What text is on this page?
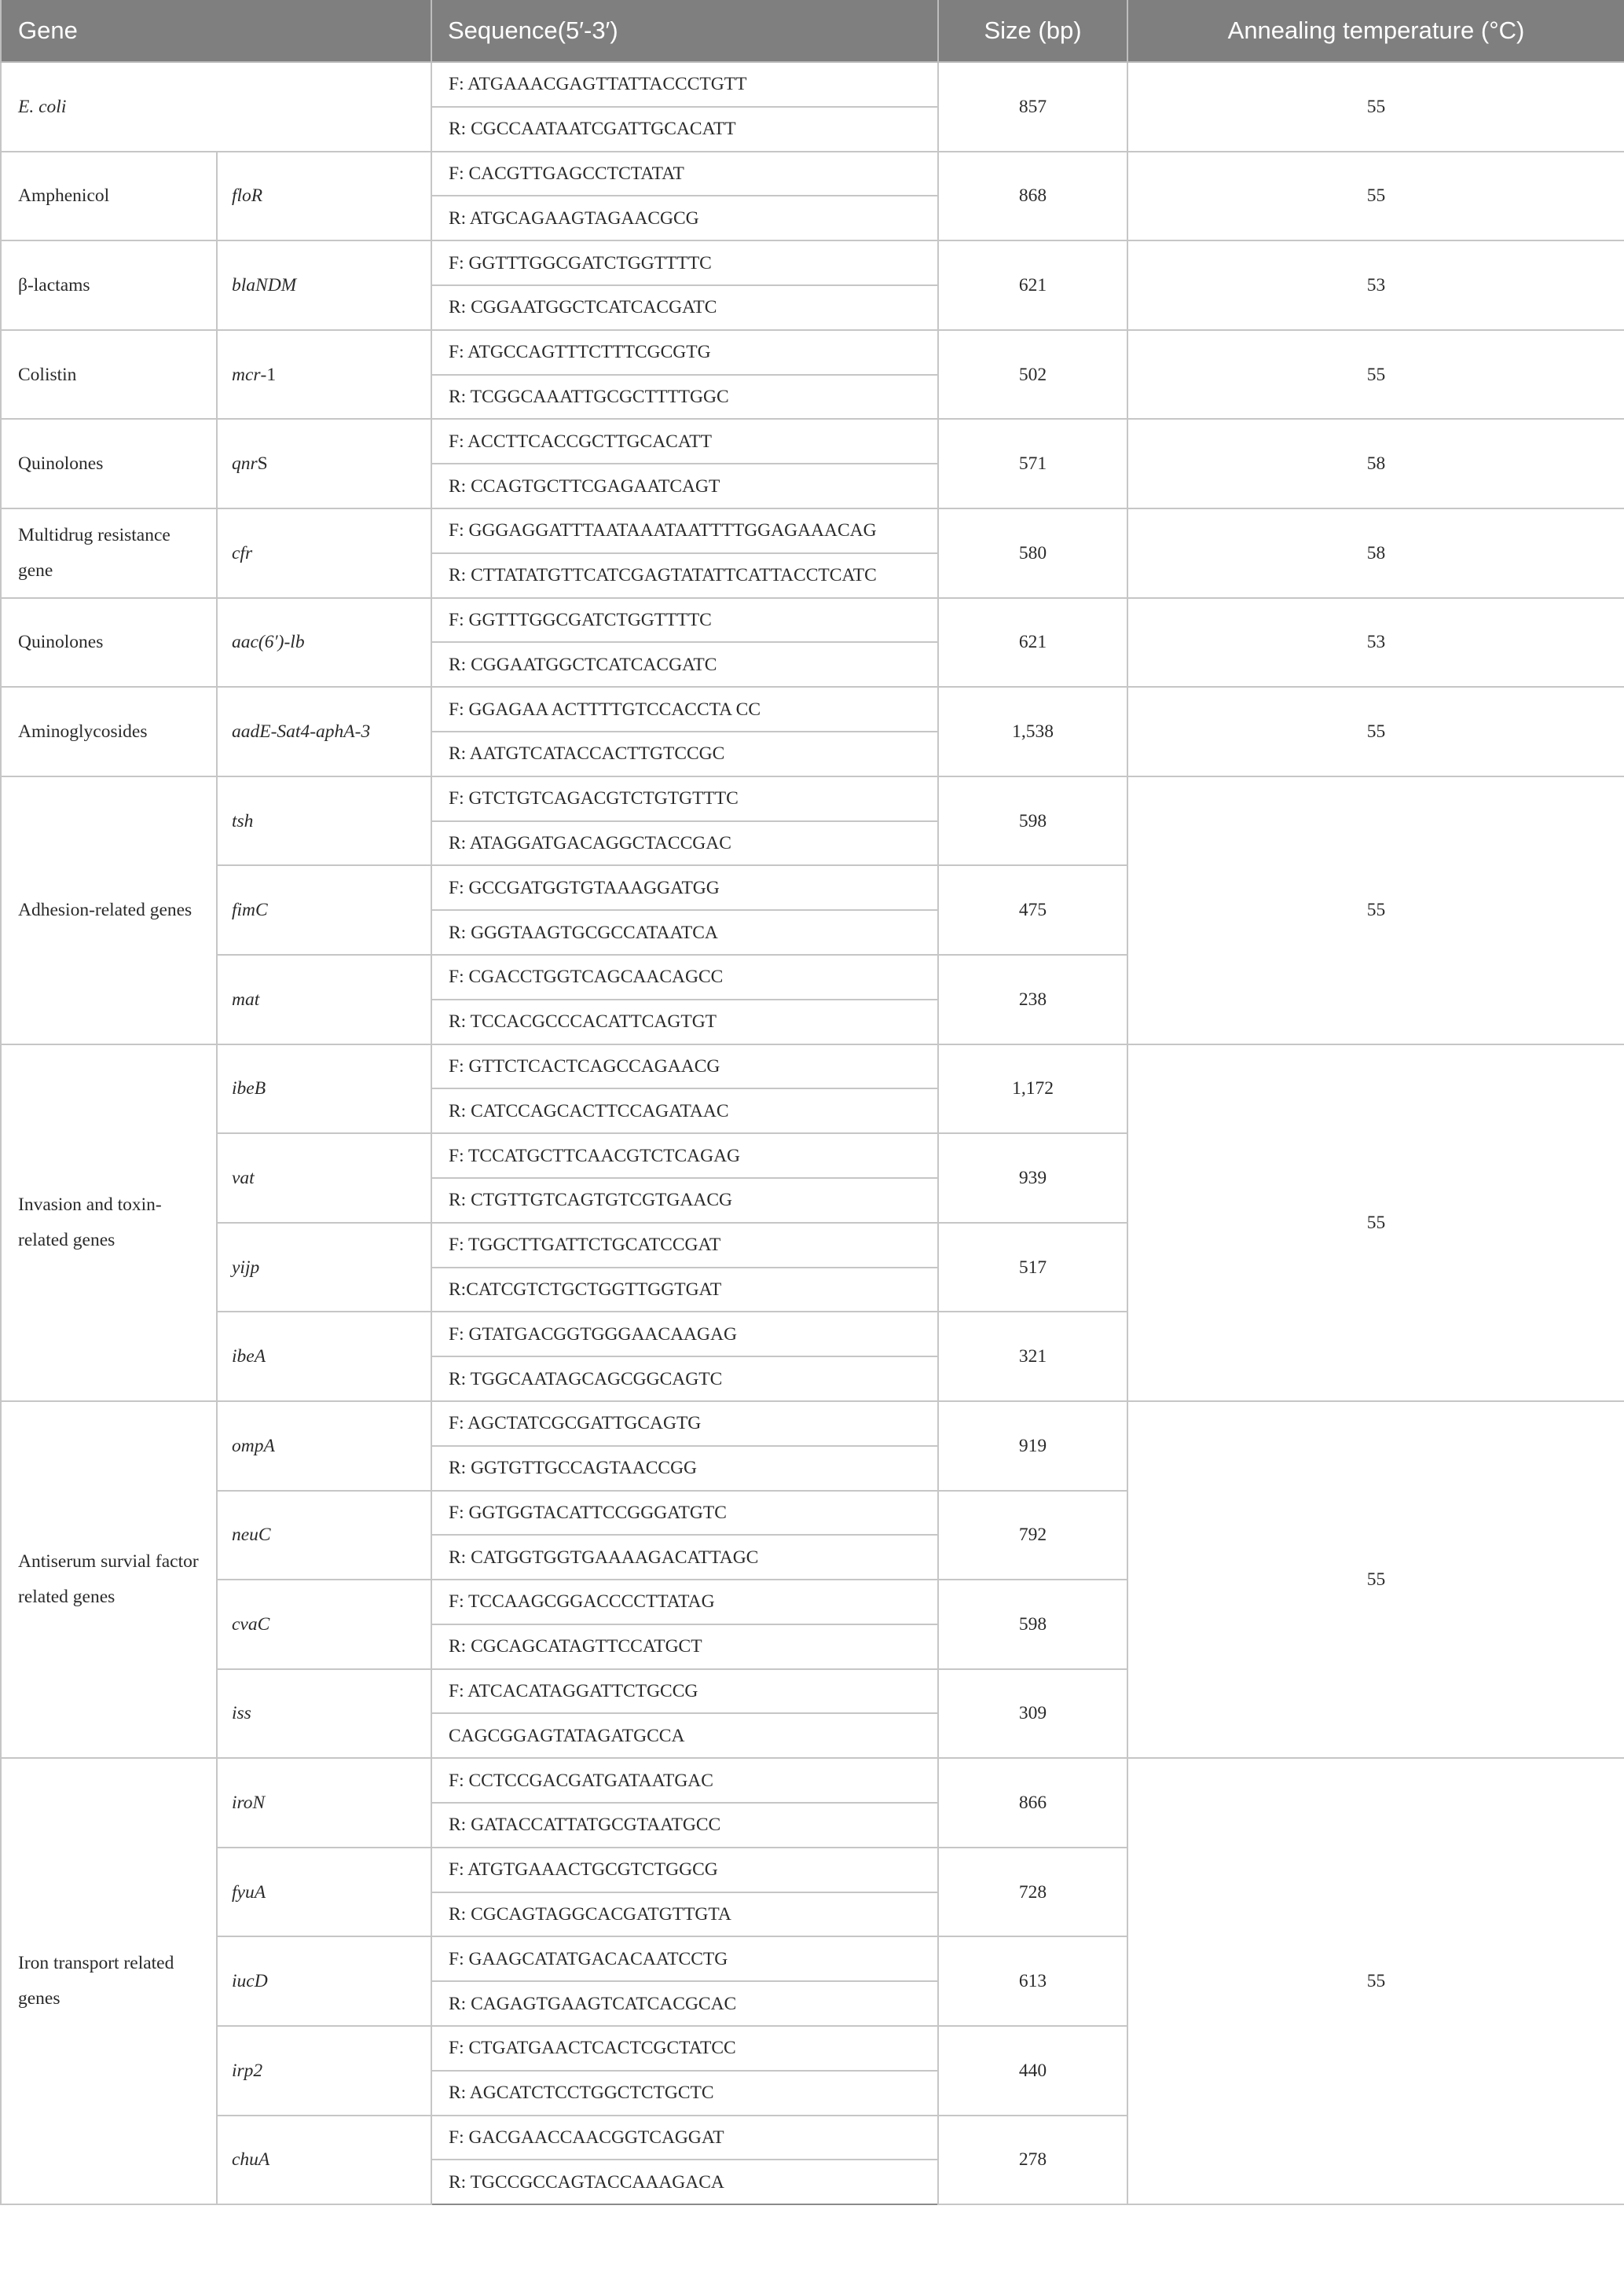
Gene		Sequence(5′-3′)	Size (bp)	Annealing temperature (°C)
E. coli		F: ATGAAACGAGTTATTACCCTGTT	857	55
		R: CGCCAATAATCGATTGCACATT		
Amphenicol	floR	F: CACGTTGAGCCTCTATAT	868	55
		R: ATGCAGAAGTAGAACGCG		
β-lactams	blaNDM	F: GGTTTGGCGATCTGGTTTTC	621	53
		R: CGGAATGGCTCATCACGATC		
Colistin	mcr-1	F: ATGCCAGTTTCTTTCGCGTG	502	55
		R: TCGGCAAATTGCGCTTTTGGC		
Quinolones	qnrS	F: ACCTTCACCGCTTGCACATT	571	58
		R: CCAGTGCTTCGAGAATCAGT		
Multidrug resistance gene	cfr	F: GGGAGGATTTAATAAATAATTTTGGAGAAACAG	580	58
		R: CTTATATGTTCATCGAGTATATTCATTACCTCATC		
Quinolones	aac(6′)-lb	F: GGTTTGGCGATCTGGTTTTC	621	53
		R: CGGAATGGCTCATCACGATC		
Aminoglycosides	aadE-Sat4-aphA-3	F: GGAGAA ACTTTTGTCCACCTA CC	1,538	55
		R: AATGTCATACCACTTGTCCGC		
Adhesion-related genes	tsh	F: GTCTGTCAGACGTCTGTGTTTC	598	55
		R: ATAGGATGACAGGCTACCGAC		
	fimC	F: GCCGATGGTGTAAAGGATGG	475	
		R: GGGTAAGTGCGCCATAATCA		
	mat	F: CGACCTGGTCAGCAACAGCC	238	
		R: TCCACGCCCACATTCAGTGT		
Invasion and toxin-related genes	ibeB	F: GTTCTCACTCAGCCAGAACG	1,172	55
		R: CATCCAGCACTTCCAGATAAC		
	vat	F: TCCATGCTTCAACGTCTCAGAG	939	
		R: CTGTTGTCAGTGTCGTGAACG		
	yijp	F: TGGCTTGATTCTGCATCCGAT	517	
		R:CATCGTCTGCTGGTTGGTGAT		
	ibeA	F: GTATGACGGTGGGAACAAGAG	321	
		R: TGGCAATAGCAGCGGCAGTC		
Antiserum survial factor related genes	ompA	F: AGCTATCGCGATTGCAGTG	919	55
		R: GGTGTTGCCAGTAACCGG		
	neuC	F: GGTGGTACATTCCGGGATGTC	792	
		R: CATGGTGGTGAAAAGACATTAGC		
	cvaC	F: TCCAAGCGGACCCCTTATAG	598	
		R: CGCAGCATAGTTCCATGCT		
	iss	F: ATCACATAGGATTCTGCCG	309	
		CAGCGGAGTATAGATGCCA		
Iron transport related genes	iroN	F: CCTCCGACGATGATAATGAC	866	55
		R: GATACCATTATGCGTAATGCC		
	fyuA	F: ATGTGAAACTGCGTCTGGCG	728	
		R: CGCAGTAGGCACGATGTTGTA		
	iucD	F: GAAGCATATGACACAATCCTG	613	
		R: CAGAGTGAAGTCATCACGCAC		
	irp2	F: CTGATGAACTCACTCGCTATCC	440	
		R: AGCATCTCCTGGCTCTGCTC		
	chuA	F: GACGAACCAACGGTCAGGAT	278	
		R: TGCCGCCAGTACCAAAGACA		
